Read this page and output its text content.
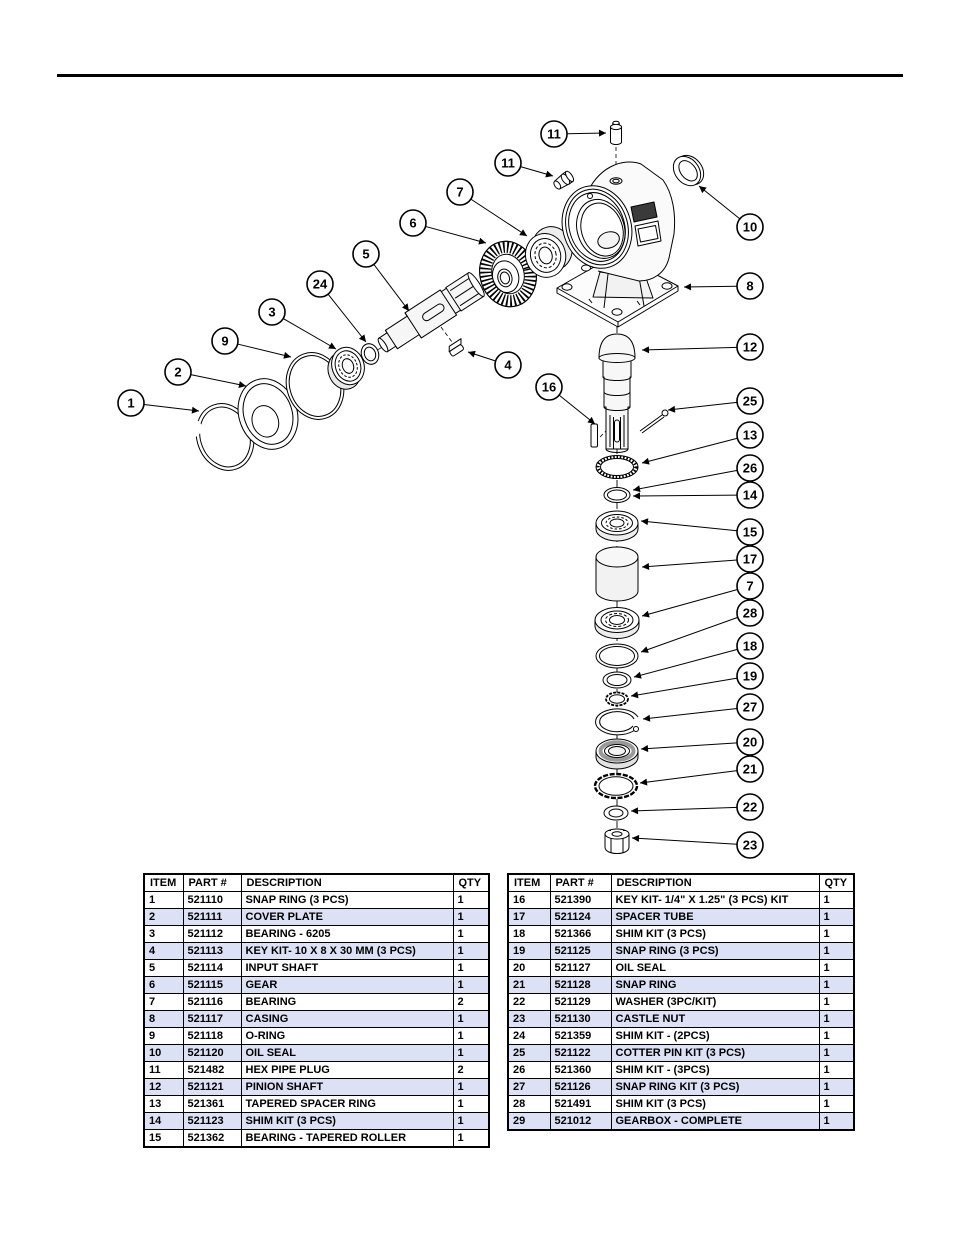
11
11
7
6
5
24
3
9
2
1
4
10
8
12
16
25
13
26
14
15
17
7
28
18
19
27
20
21
22
23
ITEM	PART #	DESCRIPTION	QTY
1	521110	SNAP RING (3 PCS)	1
2	521111	COVER PLATE	1
3	521112	BEARING - 6205	1
4	521113	KEY KIT- 10 X 8 X 30 MM (3 PCS)	1
5	521114	INPUT SHAFT	1
6	521115	GEAR	1
7	521116	BEARING	2
8	521117	CASING	1
9	521118	O-RING	1
10	521120	OIL SEAL	1
11	521482	HEX PIPE PLUG	2
12	521121	PINION SHAFT	1
13	521361	TAPERED SPACER RING	1
14	521123	SHIM KIT (3 PCS)	1
15	521362	BEARING - TAPERED ROLLER	1
ITEM	PART #	DESCRIPTION	QTY
16	521390	KEY KIT- 1/4" X 1.25" (3 PCS) KIT	1
17	521124	SPACER TUBE	1
18	521366	SHIM KIT (3 PCS)	1
19	521125	SNAP RING (3 PCS)	1
20	521127	OIL SEAL	1
21	521128	SNAP RING	1
22	521129	WASHER (3PC/KIT)	1
23	521130	CASTLE NUT	1
24	521359	SHIM KIT - (2PCS)	1
25	521122	COTTER PIN KIT (3 PCS)	1
26	521360	SHIM KIT - (3PCS)	1
27	521126	SNAP RING KIT (3 PCS)	1
28	521491	SHIM KIT (3 PCS)	1
29	521012	GEARBOX - COMPLETE	1
